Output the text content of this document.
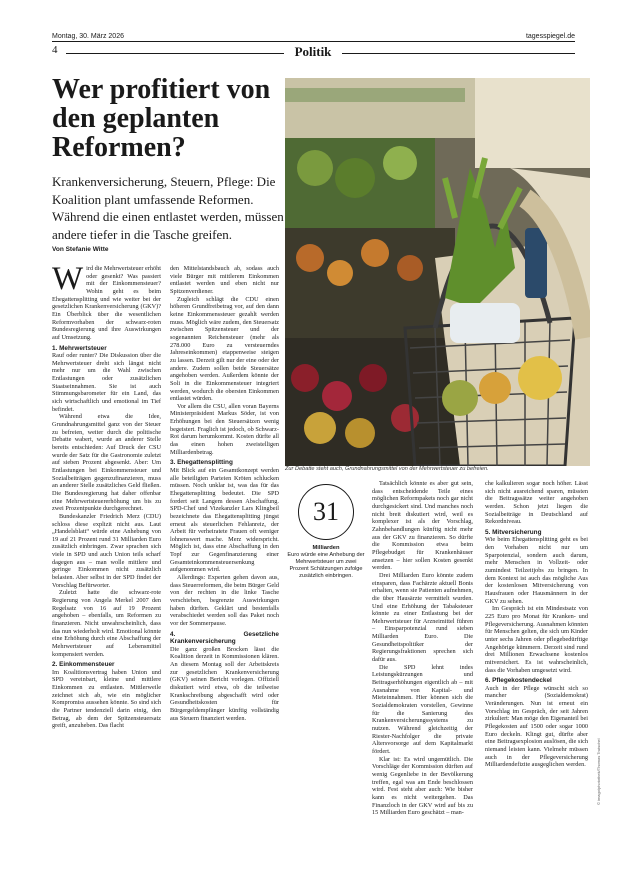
Montag, 30. März 2026	tagesspiegel.de
4	Politik
Wer profitiert von den geplanten Reformen?
Krankenversicherung, Steuern, Pflege: Die Koalition plant umfassende Reformen. Während die einen entlastet werden, müssen andere tiefer in die Tasche greifen.
Von Stefanie Witte
Zur Debatte steht auch, Grundnahrungsmittel von der Mehrwertsteuer zu befreien.
© imago/photothek/Thomas Trutschel

Wird die Mehrwertsteuer erhöht oder gesenkt? Was passiert mit der Einkommensteuer? Wohin geht es beim Ehegattensplitting und wie weiter bei der gesetzlichen Krankenversicherung (GKV)? Ein Überblick über die wesentlichen Reformvorhaben der schwarz-roten Bundesregierung und ihre Auswirkungen auf Umsetzung.

1. Mehrwertsteuer

Rauf oder runter? Die Diskussion über die Mehrwertsteuer dreht sich längst nicht mehr nur um die Wahl zwischen Entlastungen oder zusätzlichen Staatseinnahmen. Sie ist auch Stimmungsbarometer für ein Land, das sich wirtschaftlich und emotional im Tief befindet.

Während etwa die Idee, Grundnahrungsmittel ganz von der Steuer zu befreien, weiter durch die politische Debatte wabert, wurde an anderer Stelle bereits entschieden: Auf Druck der CSU wurde der Satz für die Gastronomie zuletzt auf sieben Prozent abgesenkt. Aber: Um Entlastungen bei Einkommensteuer und Sozialbeiträgen gegenzufinanzieren, muss an anderer Stelle zusätzliches Geld fließen. Die Bundesregierung hat daher offenbar eine Mehrwertsteuererhöhung um bis zu zwei Prozentpunkte durchgerechnet.

Bundeskanzler Friedrich Merz (CDU) schloss diese explizit nicht aus. Laut „Handelsblatt“ würde eine Anhebung von 19 auf 21 Prozent rund 31 Milliarden Euro zusätzlich einbringen. Zwar sprachen sich viele in SPD und auch Union teils scharf dagegen aus – man wolle mittlere und geringe Einkommen nicht zusätzlich belasten. Aber selbst in der SPD findet der Vorschlag Befürworter.

Zuletzt hatte die schwarz-rote Regierung von Angela Merkel 2007 den Regelsatz von 16 auf 19 Prozent angehoben – ebenfalls, um Reformen zu finanzieren. Nicht unwahrscheinlich, dass das nun wiederholt wird. Emotional könnte eine Erhöhung durch eine Abschaffung der Mehrwertsteuer auf Lebensmittel kompensiert werden.

2. Einkommensteuer

Im Koalitionsvertrag haben Union und SPD vereinbart, kleine und mittlere Einkommen zu entlasten. Mittlerweile zeichnet sich ab, wie ein möglicher Kompromiss aussehen könnte. So sind sich die Partner tendenziell darin einig, den Betrag, ab dem der Spitzensteuersatz greift, anzuheben. Das flacht

den Mittelstandsbauch ab, sodass auch viele Bürger mit mittlerem Einkommen entlastet werden und eben nicht nur Spitzenverdiener.

Zugleich schlägt die CDU einen höheren Grundfreibetrag vor, auf den dann keine Einkommenssteuer gezahlt werden muss. Möglich wäre zudem, den Steuersatz zwischen Spitzensteuer und der sogenannten Reichensteuer (mehr als 278.000 Euro zu versteuerndes Jahreseinkommen) etappenweise steigen zu lassen. Derzeit gilt nur der eine oder der andere. Zudem sollen beide Steuersätze angehoben werden. Außerdem könnte der Soli in die Einkommensteuer integriert werden, wodurch die obersten Einkommen entlastet würden.

Vor allem die CSU, allen voran Bayerns Ministerpräsident Markus Söder, ist von Erhöhungen bei den Steuersätzen wenig begeistert. Fraglich ist jedoch, ob Schwarz-Rot darum herumkommt. Kosten dürfte all das einen hohen zweistelligen Milliardenbetrag.

3. Ehegattensplitting

Mit Blick auf ein Gesamtkonzept werden alle beteiligten Parteien Kröten schlucken müssen. Noch unklar ist, was das für das Ehegattensplitting bedeutet. Die SPD fordert seit Langem dessen Abschaffung. SPD-Chef und Vizekanzler Lars Klingbeil bezeichnete das Ehegattensplitting jüngst erneut als steuerlichen Fehlanreiz, der Arbeit für verheiratete Frauen oft weniger lohnenswert mache. Merz widerspricht. Möglich ist, dass eine Abschaffung in den Topf zur Gegenfinanzierung einer Gesamteinkommensteuersenkung aufgenommen wird.

Allerdings: Experten gehen davon aus, dass Steuerreformen, die beim Bürger Geld von der rechten in die linke Tasche verschieben, begrenzte Auswirkungen haben dürften. Geklärt und bestenfalls verabschiedet werden soll das Paket noch vor der Sommerpause.

4. Gesetzliche Krankenversicherung

Die ganz großen Brocken lässt die Koalition derzeit in Kommissionen klären. An diesem Montag soll der Arbeitskreis zur gesetzlichen Krankenversicherung (GKV) seinen Bericht vorlegen. Offiziell diskutiert wird etwa, ob die teilweise Krankschreibung abgeschafft wird oder Gesundheitskosten für Bürgergeldempfänger künftig vollständig aus Steuern finanziert werden.

31
Milliarden
Euro würde eine Anhebung der Mehrwertsteuer um zwei Prozent Schätzungen zufolge zusätzlich einbringen.

Tatsächlich könnte es aber gut sein, dass entscheidende Teile eines möglichen Reformpakets noch gar nicht durchgesickert sind. Und manches noch nicht breit diskutiert wird, weil es komplexer ist als der Vorschlag, Zahnbehandlungen künftig nicht mehr aus der GKV zu finanzieren. So dürfte die Kommission etwa beim Pflegebudget für Krankenhäuser ansetzen – hier sollen Kosten gesenkt werden.

Drei Milliarden Euro könnte zudem einsparen, dass Fachärzte aktuell Bonis erhalten, wenn sie Patienten aufnehmen, die über Hausärzte vermittelt wurden. Und eine Erhöhung der Tabaksteuer könnte zu einer Entlastung bei der Mehrwertsteuer für Arzneimittel führen – Einsparpotenzial rund sieben Milliarden Euro. Die Gesundheitspolitiker der Regierungsfraktionen sprechen sich dafür aus.

Die SPD lehnt indes Leistungskürzungen und Beitragserhöhungen eigentlich ab – mit Ausnahme von Kapital- und Mieteinnahmen. Hier können sich die Sozialdemokraten vorstellen, Gewinne für die Sanierung des Krankenversicherungssystems zu nutzen. Während gleichzeitig der Riester-Nachfolger die private Altersvorsorge auf dem Kapitalmarkt fördert.

Klar ist: Es wird ungemütlich. Die Vorschläge der Kommission dürften auf wenig Gegenliebe in der Bevölkerung treffen, egal was am Ende beschlossen wird. Fest steht aber auch: Wie bisher kann es nicht weitergehen. Das Finanzloch in der GKV wird auf bis zu 15 Milliarden Euro geschätzt – man-

che kalkulieren sogar noch höher. Lässt sich nicht ausreichend sparen, müssten die Beitragssätze weiter angehoben werden. Schon jetzt liegen die Sozialbeiträge in Deutschland auf Rekordniveau.

5. Mitversicherung

Wie beim Ehegattensplitting geht es bei den Vorhaben nicht nur um Sparpotenzial, sondern auch darum, mehr Menschen in Vollzeit- oder zumindest Teilzeitjobs zu bringen. In dem Kontext ist auch das mögliche Aus der kostenlosen Mitversicherung von Hausfrauen oder Hausmännern in der GKV zu sehen.

Im Gespräch ist ein Mindestsatz von 225 Euro pro Monat für Kranken- und Pflegeversicherung. Ausnahmen könnten für Menschen gelten, die sich um Kinder unter sechs Jahren oder pflegebedürftige Angehörige kümmern. Derzeit sind rund drei Millionen Erwachsene kostenlos mitversichert. Es ist wahrscheinlich, dass die Vorhaben umgesetzt wird.

6. Pflegekostendeckel

Auch in der Pflege wünscht sich so mancher (Sozialdemokrat) Veränderungen. Nun ist erneut ein Vorschlag im Gespräch, der seit Jahren zirkuliert: Man möge den Eigenanteil bei Pflegekosten auf 1500 oder sogar 1000 Euro deckeln. Klingt gut, dürfte aber eine Beitragsexplosion auslösen, die sich niemand leisten kann. Vielmehr müssen auch in der Pflegeversicherung Milliardendefizite ausgeglichen werden.
